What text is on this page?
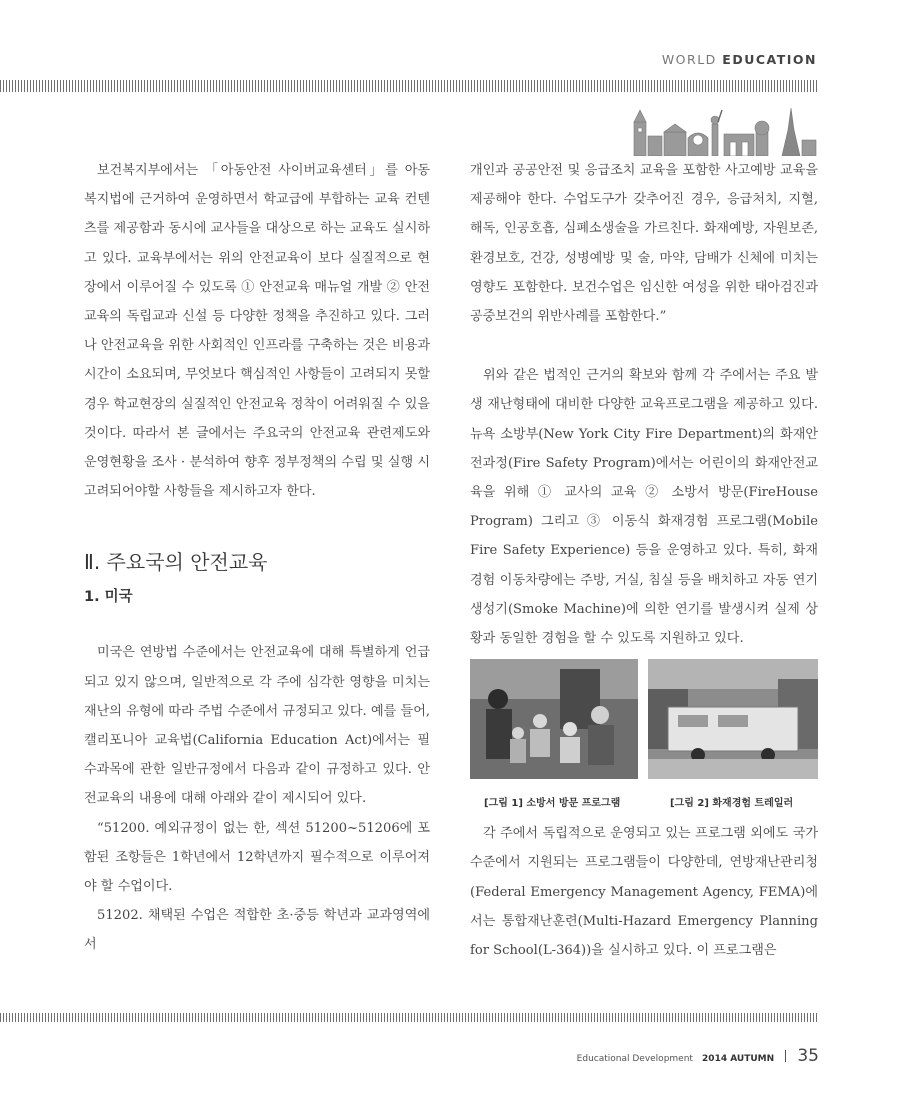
WORLD EDUCATION

보건복지부에서는 「아동안전 사이버교육센터」를 아동 복지법에 근거하여 운영하면서 학교급에 부합하는 교육 컨텐츠를 제공함과 동시에 교사들을 대상으로 하는 교육도 실시하고 있다. 교육부에서는 위의 안전교육이 보다 실질적으로 현장에서 이루어질 수 있도록 ① 안전교육 매뉴얼 개발 ② 안전교육의 독립교과 신설 등 다양한 정책을 추진하고 있다. 그러나 안전교육을 위한 사회적인 인프라를 구축하는 것은 비용과 시간이 소요되며, 무엇보다 핵심적인 사항들이 고려되지 못할 경우 학교현장의 실질적인 안전교육 정착이 어려워질 수 있을 것이다. 따라서 본 글에서는 주요국의 안전교육 관련제도와 운영현황을 조사 · 분석하여 향후 정부정책의 수립 및 실행 시 고려되어야할 사항들을 제시하고자 한다.

Ⅱ. 주요국의 안전교육
1. 미국

미국은 연방법 수준에서는 안전교육에 대해 특별하게 언급되고 있지 않으며, 일반적으로 각 주에 심각한 영향을 미치는 재난의 유형에 따라 주법 수준에서 규정되고 있다. 예를 들어, 캘리포니아 교육법(California Education Act)에서는 필수과목에 관한 일반규정에서 다음과 같이 규정하고 있다. 안전교육의 내용에 대해 아래와 같이 제시되어 있다.

“51200. 예외규정이 없는 한, 섹션 51200~51206에 포함된 조항들은 1학년에서 12학년까지 필수적으로 이루어져야 할 수업이다.

51202. 채택된 수업은 적합한 초·중등 학년과 교과영역에서

개인과 공공안전 및 응급조치 교육을 포함한 사고예방 교육을 제공해야 한다. 수업도구가 갖추어진 경우, 응급처치, 지혈, 해독, 인공호흡, 심폐소생술을 가르친다. 화재예방, 자원보존, 환경보호, 건강, 성병예방 및 술, 마약, 담배가 신체에 미치는 영향도 포함한다. 보건수업은 임신한 여성을 위한 태아검진과 공중보건의 위반사례를 포함한다.”

위와 같은 법적인 근거의 확보와 함께 각 주에서는 주요 발생 재난형태에 대비한 다양한 교육프로그램을 제공하고 있다. 뉴욕 소방부(New York City Fire Department)의 화재안전과정(Fire Safety Program)에서는 어린이의 화재안전교육을 위해 ① 교사의 교육 ② 소방서 방문(FireHouse Program) 그리고 ③ 이동식 화재경험 프로그램(Mobile Fire Safety Experience) 등을 운영하고 있다. 특히, 화재경험 이동차량에는 주방, 거실, 침실 등을 배치하고 자동 연기생성기(Smoke Machine)에 의한 연기를 발생시켜 실제 상황과 동일한 경험을 할 수 있도록 지원하고 있다.

[그림 1] 소방서 방문 프로그램	[그림 2] 화재경험 트레일러

각 주에서 독립적으로 운영되고 있는 프로그램 외에도 국가 수준에서 지원되는 프로그램들이 다양한데, 연방재난관리청(Federal Emergency Management Agency, FEMA)에서는 통합재난훈련(Multi-Hazard Emergency Planning for School(L-364))을 실시하고 있다. 이 프로그램은

Educational Development 2014 AUTUMN 35
